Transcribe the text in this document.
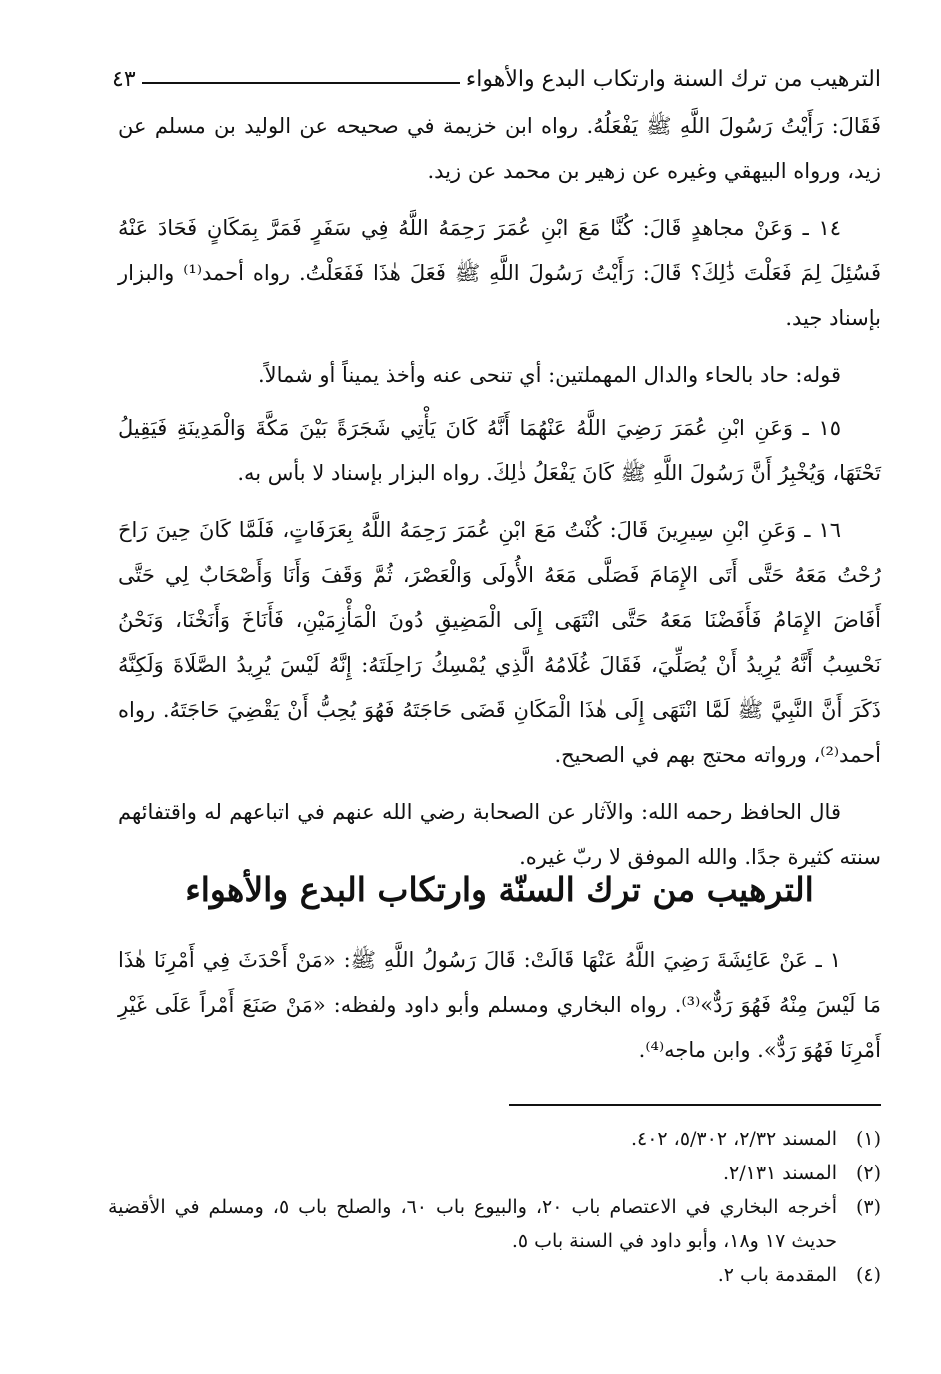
الترهيب من ترك السنة وارتكاب البدع والأهواء
٤٣

فَقَالَ: رَأَيْتُ رَسُولَ اللَّهِ ﷺ يَفْعَلُهُ. رواه ابن خزيمة في صحيحه عن الوليد بن مسلم عن زيد، ورواه البيهقي وغيره عن زهير بن محمد عن زيد.

١٤ ـ وَعَنْ مجاهدٍ قَالَ: كُنَّا مَعَ ابْنِ عُمَرَ رَحِمَهُ اللَّهُ فِي سَفَرٍ فَمَرَّ بِمَكَانٍ فَحَادَ عَنْهُ فَسُئِلَ لِمَ فَعَلْتَ ذَٰلِكَ؟ قَالَ: رَأَيْتُ رَسُولَ اللَّهِ ﷺ فَعَلَ هٰذَا فَفَعَلْتُ. رواه أحمد⁽¹⁾ والبزار بإسناد جيد.

قوله: حاد بالحاء والدال المهملتين: أي تنحى عنه وأخذ يميناً أو شمالاً.

١٥ ـ وَعَنِ ابْنِ عُمَرَ رَضِيَ اللَّهُ عَنْهُمَا أَنَّهُ كَانَ يَأْتِي شَجَرَةً بَيْنَ مَكَّةَ وَالْمَدِينَةِ فَيَقِيلُ تَحْتَهَا، وَيُخْبِرُ أَنَّ رَسُولَ اللَّهِ ﷺ كَانَ يَفْعَلُ ذٰلِكَ. رواه البزار بإسناد لا بأس به.

١٦ ـ وَعَنِ ابْنِ سِيرِينَ قَالَ: كُنْتُ مَعَ ابْنِ عُمَرَ رَحِمَهُ اللَّهُ بِعَرَفَاتٍ، فَلَمَّا كَانَ حِينَ رَاحَ رُحْتُ مَعَهُ حَتَّى أَتَى الإِمَامَ فَصَلَّى مَعَهُ الأُولَى وَالْعَصْرَ، ثُمَّ وَقَفَ وَأَنَا وَأَصْحَابٌ لِي حَتَّى أَفَاضَ الإِمَامُ فَأَفَضْنَا مَعَهُ حَتَّى انْتَهَى إِلَى الْمَضِيقِ دُونَ الْمَأْزِمَيْنِ، فَأَنَاخَ وَأَنَخْنَا، وَنَحْنُ نَحْسِبُ أَنَّهُ يُرِيدُ أَنْ يُصَلِّيَ، فَقَالَ غُلَامُهُ الَّذِي يُمْسِكُ رَاحِلَتَهُ: إِنَّهُ لَيْسَ يُرِيدُ الصَّلَاةَ وَلَكِنَّهُ ذَكَرَ أَنَّ النَّبِيَّ ﷺ لَمَّا انْتَهَى إِلَى هٰذَا الْمَكَانِ قَضَى حَاجَتَهُ فَهُوَ يُحِبُّ أَنْ يَقْضِيَ حَاجَتَهُ. رواه أحمد⁽²⁾، ورواته محتج بهم في الصحيح.

قال الحافظ رحمه الله: والآثار عن الصحابة رضي الله عنهم في اتباعهم له واقتفائهم سنته كثيرة جدًا. والله الموفق لا ربّ غيره.

الترهيب من ترك السنّة وارتكاب البدع والأهواء

١ ـ عَنْ عَائِشَةَ رَضِيَ اللَّهُ عَنْهَا قَالَتْ: قَالَ رَسُولُ اللَّهِ ﷺ: «مَنْ أَحْدَثَ فِي أَمْرِنَا هٰذَا مَا لَيْسَ مِنْهُ فَهُوَ رَدٌّ»⁽³⁾. رواه البخاري ومسلم وأبو داود ولفظه: «مَنْ صَنَعَ أَمْراً عَلَى غَيْرِ أَمْرِنَا فَهُوَ رَدٌّ». وابن ماجه⁽⁴⁾.

(١)
المسند ٢/٣٢، ٥/٣٠٢، ٤٠٢.
(٢)
المسند ٢/١٣١.
(٣)
أخرجه البخاري في الاعتصام باب ٢٠، والبيوع باب ٦٠، والصلح باب ٥، ومسلم في الأقضية حديث ١٧ و١٨، وأبو داود في السنة باب ٥.
(٤)
المقدمة باب ٢.
